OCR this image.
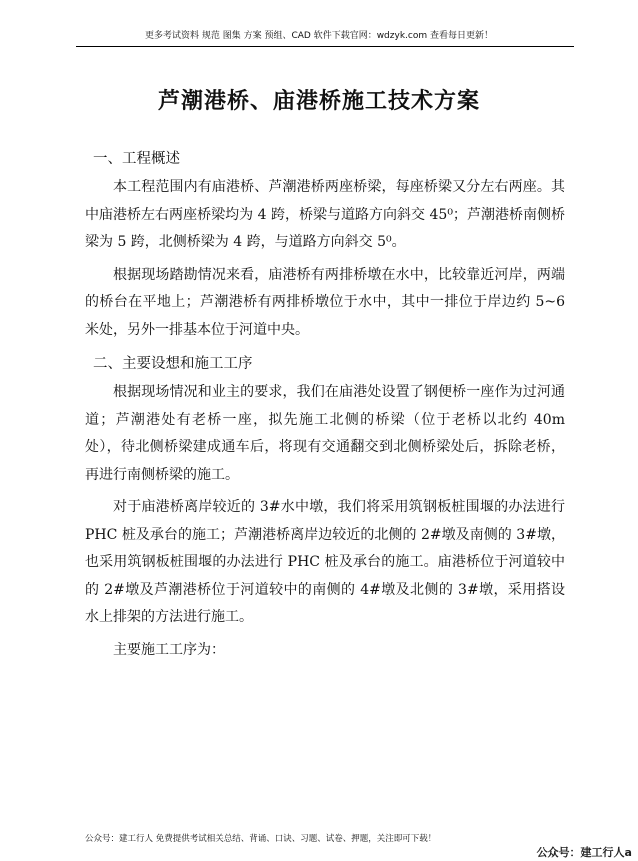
更多考试资料 规范 图集 方案 预组、CAD 软件下载官网：wdzyk.com 查看每日更新！
芦潮港桥、庙港桥施工技术方案
一、工程概述

本工程范围内有庙港桥、芦潮港桥两座桥梁，每座桥梁又分左右两座。其中庙港桥左右两座桥梁均为 4 跨，桥梁与道路方向斜交 45⁰；芦潮港桥南侧桥梁为 5 跨，北侧桥梁为 4 跨，与道路方向斜交 5⁰。

根据现场踏勘情况来看，庙港桥有两排桥墩在水中，比较靠近河岸，两端的桥台在平地上；芦潮港桥有两排桥墩位于水中，其中一排位于岸边约 5~6 米处，另外一排基本位于河道中央。

二、主要设想和施工工序

根据现场情况和业主的要求，我们在庙港处设置了钢便桥一座作为过河通道；芦潮港处有老桥一座，拟先施工北侧的桥梁（位于老桥以北约 40m 处），待北侧桥梁建成通车后，将现有交通翻交到北侧桥梁处后，拆除老桥，再进行南侧桥梁的施工。

对于庙港桥离岸较近的 3#水中墩，我们将采用筑钢板桩围堰的办法进行 PHC 桩及承台的施工；芦潮港桥离岸边较近的北侧的 2#墩及南侧的 3#墩，也采用筑钢板桩围堰的办法进行 PHC 桩及承台的施工。庙港桥位于河道较中的 2#墩及芦潮港桥位于河道较中的南侧的 4#墩及北侧的 3#墩，采用搭设水上排架的方法进行施工。

主要施工工序为：

公众号：建工行人 免费提供考试相关总结、背诵、口诀、习题、试卷、押题，关注即可下载！
公众号：建工行人a
